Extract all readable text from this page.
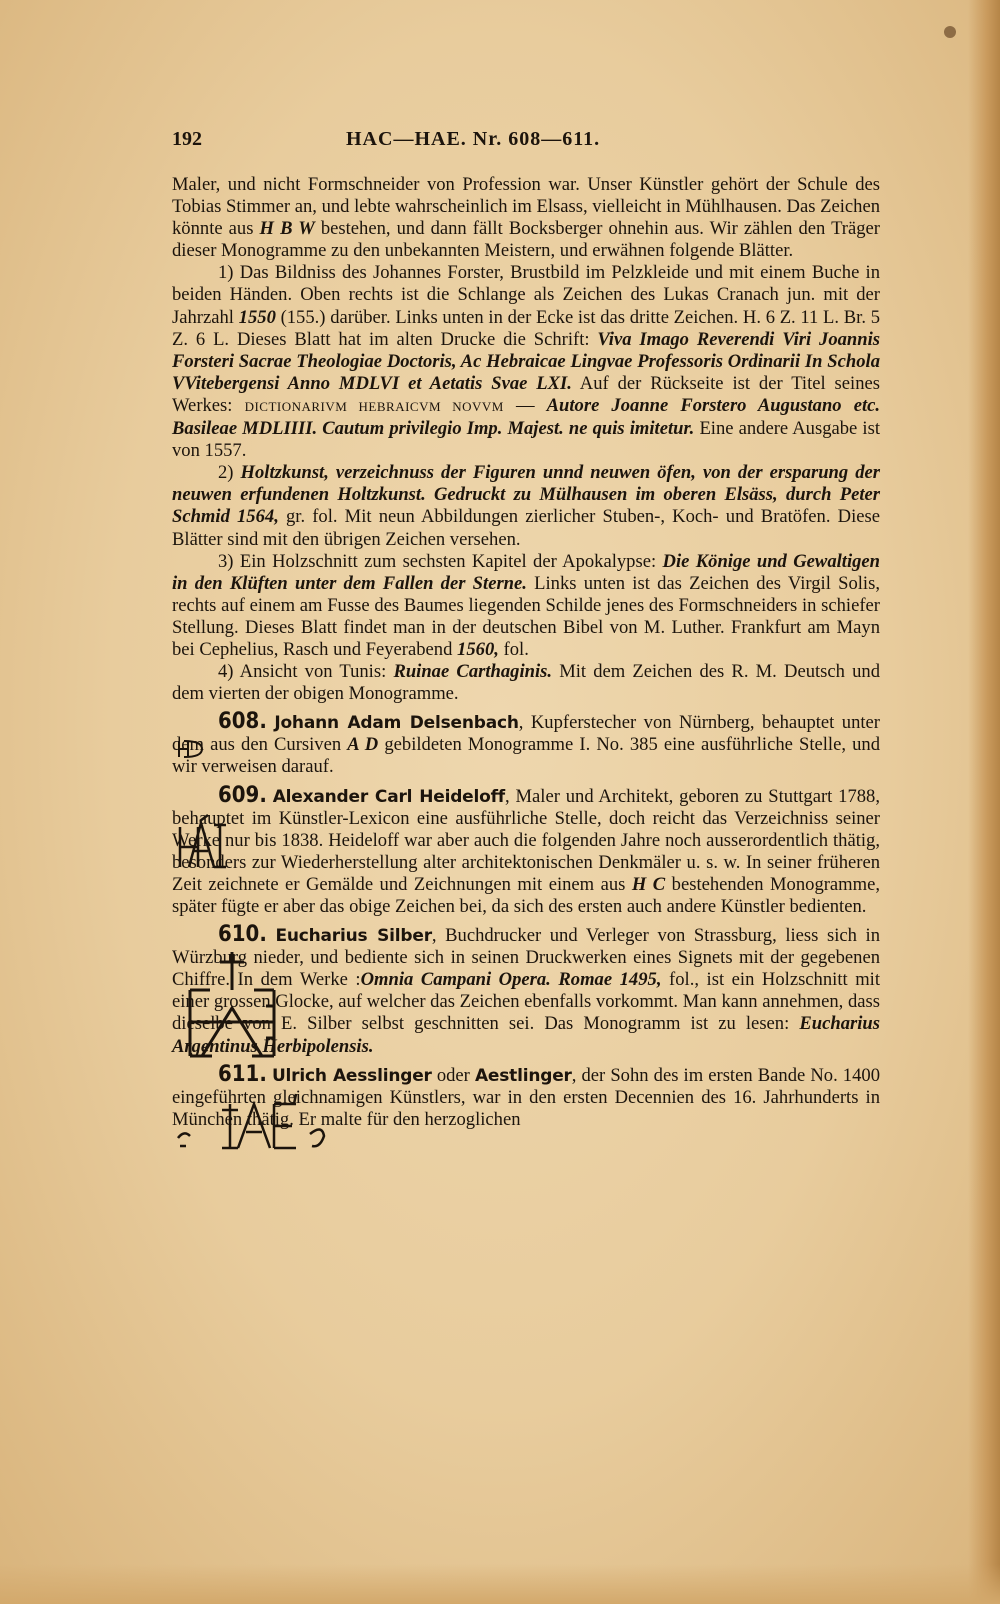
192	HAC—HAE. Nr. 608—611.

Maler, und nicht Formschneider von Profession war. Unser Künstler gehört der Schule des Tobias Stimmer an, und lebte wahrscheinlich im Elsass, vielleicht in Mühlhausen. Das Zeichen könnte aus H B W bestehen, und dann fällt Bocksberger ohnehin aus. Wir zählen den Träger dieser Monogramme zu den unbekannten Meistern, und erwähnen folgende Blätter.

1) Das Bildniss des Johannes Forster, Brustbild im Pelzkleide und mit einem Buche in beiden Händen. Oben rechts ist die Schlange als Zeichen des Lukas Cranach jun. mit der Jahrzahl 1550 (155.) darüber. Links unten in der Ecke ist das dritte Zeichen. H. 6 Z. 11 L. Br. 5 Z. 6 L. Dieses Blatt hat im alten Drucke die Schrift: Viva Imago Reverendi Viri Joannis Forsteri Sacrae Theologiae Doctoris, Ac Hebraicae Lingvae Professoris Ordinarii In Schola VVitebergensi Anno MDLVI et Aetatis Svae LXI. Auf der Rückseite ist der Titel seines Werkes: DICTIONARIVM HEBRAICVM NOVVM — Autore Joanne Forstero Augustano etc. Basileae MDLIIII. Cautum privilegio Imp. Majest. ne quis imitetur. Eine andere Ausgabe ist von 1557.

2) Holtzkunst, verzeichnuss der Figuren unnd neuwen öfen, von der ersparung der neuwen erfundenen Holtzkunst. Gedruckt zu Mülhausen im oberen Elsäss, durch Peter Schmid 1564, gr. fol. Mit neun Abbildungen zierlicher Stuben-, Koch- und Bratöfen. Diese Blätter sind mit den übrigen Zeichen versehen.

3) Ein Holzschnitt zum sechsten Kapitel der Apokalypse: Die Könige und Gewaltigen in den Klüften unter dem Fallen der Sterne. Links unten ist das Zeichen des Virgil Solis, rechts auf einem am Fusse des Baumes liegenden Schilde jenes des Formschneiders in schiefer Stellung. Dieses Blatt findet man in der deutschen Bibel von M. Luther. Frankfurt am Mayn bei Cephelius, Rasch und Feyerabend 1560, fol.

4) Ansicht von Tunis: Ruinae Carthaginis. Mit dem Zeichen des R. M. Deutsch und dem vierten der obigen Monogramme.

608. Johann Adam Delsenbach, Kupferstecher von Nürnberg, behauptet unter dem aus den Cursiven A D gebildeten Monogramme I. No. 385 eine ausführliche Stelle, und wir verweisen darauf.

609. Alexander Carl Heideloff, Maler und Architekt, geboren zu Stuttgart 1788, behauptet im Künstler-Lexicon eine ausführliche Stelle, doch reicht das Verzeichniss seiner Werke nur bis 1838. Heideloff war aber auch die folgenden Jahre noch ausserordentlich thätig, besonders zur Wiederherstellung alter architektonischen Denkmäler u. s. w. In seiner früheren Zeit zeichnete er Gemälde und Zeichnungen mit einem aus H C bestehenden Monogramme, später fügte er aber das obige Zeichen bei, da sich des ersten auch andere Künstler bedienten.

610. Eucharius Silber, Buchdrucker und Verleger von Strassburg, liess sich in Würzburg nieder, und bediente sich in seinen Druckwerken eines Signets mit der gegebenen Chiffre. In dem Werke :Omnia Campani Opera. Romae 1495, fol., ist ein Holzschnitt mit einer grossen Glocke, auf welcher das Zeichen ebenfalls vorkommt. Man kann annehmen, dass dieselbe von E. Silber selbst geschnitten sei. Das Monogramm ist zu lesen: Eucharius Argentinus Herbipolensis.

611. Ulrich Aesslinger oder Aestlinger, der Sohn des im ersten Bande No. 1400 eingeführten gleichnamigen Künstlers, war in den ersten Decennien des 16. Jahrhunderts in München thätig. Er malte für den herzoglichen
